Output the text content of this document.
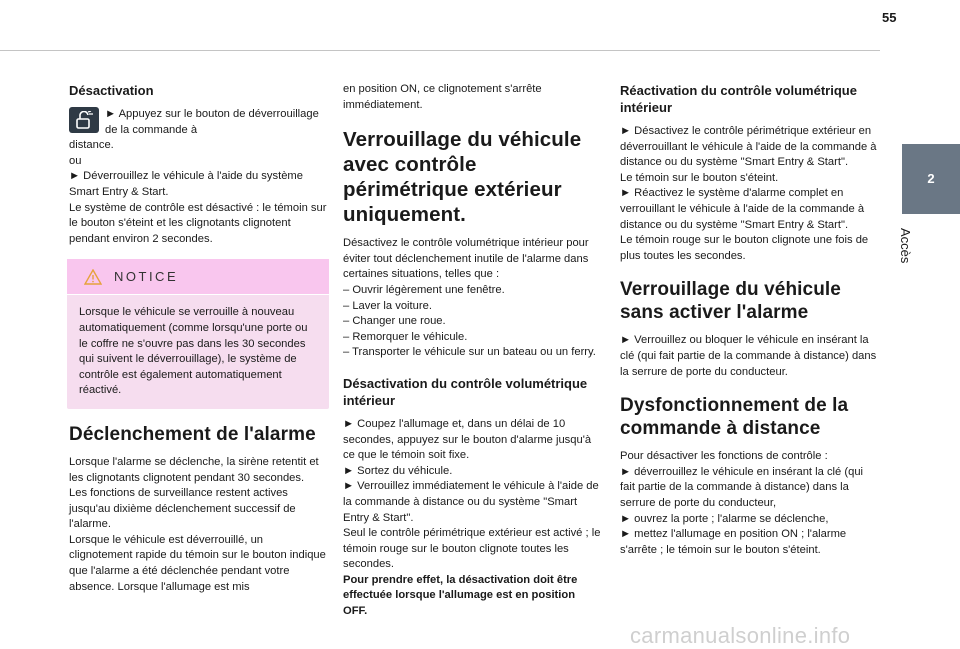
55
2
Accès
Désactivation
► Appuyez sur le bouton de déverrouillage de la commande à
distance.
ou
► Déverrouillez le véhicule à l'aide du système Smart Entry & Start.
Le système de contrôle est désactivé : le témoin sur le bouton s'éteint et les clignotants clignotent pendant environ 2 secondes.
NOTICE
Lorsque le véhicule se verrouille à nouveau automatiquement (comme lorsqu'une porte ou le coffre ne s'ouvre pas dans les 30 secondes qui suivent le déverrouillage), le système de contrôle est également automatiquement réactivé.
Déclenchement de l'alarme
Lorsque l'alarme se déclenche, la sirène retentit et les clignotants clignotent pendant 30 secondes.
Les fonctions de surveillance restent actives jusqu'au dixième déclenchement successif de l'alarme.
Lorsque le véhicule est déverrouillé, un clignotement rapide du témoin sur le bouton indique que l'alarme a été déclenchée pendant votre absence. Lorsque l'allumage est mis
en position ON, ce clignotement s'arrête immédiatement.
Verrouillage du véhicule avec contrôle périmétrique extérieur uniquement.
Désactivez le contrôle volumétrique intérieur pour éviter tout déclenchement inutile de l'alarme dans certaines situations, telles que :
– Ouvrir légèrement une fenêtre.
– Laver la voiture.
– Changer une roue.
– Remorquer le véhicule.
– Transporter le véhicule sur un bateau ou un ferry.
Désactivation du contrôle volumétrique intérieur
► Coupez l'allumage et, dans un délai de 10 secondes, appuyez sur le bouton d'alarme jusqu'à ce que le témoin soit fixe.
► Sortez du véhicule.
► Verrouillez immédiatement le véhicule à l'aide de la commande à distance ou du système "Smart Entry & Start".
Seul le contrôle périmétrique extérieur est activé ; le témoin rouge sur le bouton clignote toutes les secondes.
Pour prendre effet, la désactivation doit être effectuée lorsque l'allumage est en position OFF.
Réactivation du contrôle volumétrique intérieur
► Désactivez le contrôle périmétrique extérieur en déverrouillant le véhicule à l'aide de la commande à distance ou du système "Smart Entry & Start".
Le témoin sur le bouton s'éteint.
► Réactivez le système d'alarme complet en verrouillant le véhicule à l'aide de la commande à distance ou du système "Smart Entry & Start".
Le témoin rouge sur le bouton clignote une fois de plus toutes les secondes.
Verrouillage du véhicule sans activer l'alarme
► Verrouillez ou bloquer le véhicule en insérant la clé (qui fait partie de la commande à distance) dans la serrure de porte du conducteur.
Dysfonctionnement de la commande à distance
Pour désactiver les fonctions de contrôle :
► déverrouillez le véhicule en insérant la clé (qui fait partie de la commande à distance) dans la serrure de porte du conducteur,
► ouvrez la porte ; l'alarme se déclenche,
► mettez l'allumage en position ON ; l'alarme s'arrête ; le témoin sur le bouton s'éteint.
carmanualsonline.info
